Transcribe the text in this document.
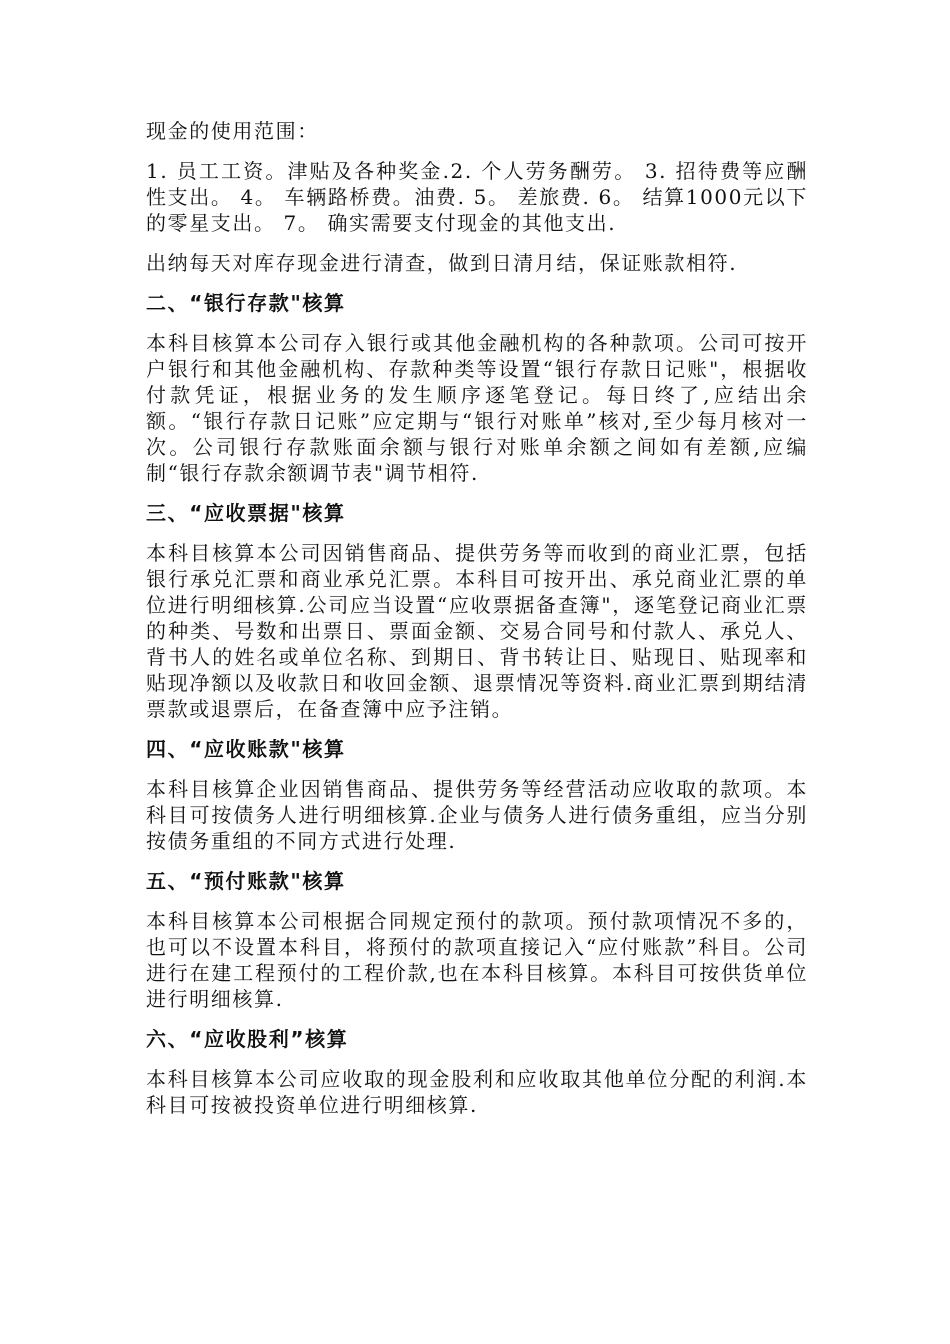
现金的使用范围：

1. 员工工资。津贴及各种奖金.2. 个人劳务酬劳。 3. 招待费等应酬性支出。 4。 车辆路桥费。油费. 5。 差旅费. 6。 结算1000元以下的零星支出。 7。 确实需要支付现金的其他支出.

出纳每天对库存现金进行清查，做到日清月结，保证账款相符.

二、“银行存款"核算

本科目核算本公司存入银行或其他金融机构的各种款项。公司可按开户银行和其他金融机构、存款种类等设置“银行存款日记账"，根据收付款凭证，根据业务的发生顺序逐笔登记。每日终了,应结出余额。“银行存款日记账”应定期与“银行对账单”核对,至少每月核对一次。公司银行存款账面余额与银行对账单余额之间如有差额,应编制“银行存款余额调节表"调节相符.

三、“应收票据"核算

本科目核算本公司因销售商品、提供劳务等而收到的商业汇票，包括银行承兑汇票和商业承兑汇票。本科目可按开出、承兑商业汇票的单位进行明细核算.公司应当设置“应收票据备查簿"，逐笔登记商业汇票的种类、号数和出票日、票面金额、交易合同号和付款人、承兑人、背书人的姓名或单位名称、到期日、背书转让日、贴现日、贴现率和贴现净额以及收款日和收回金额、退票情况等资料.商业汇票到期结清票款或退票后，在备查簿中应予注销。

四、“应收账款"核算

本科目核算企业因销售商品、提供劳务等经营活动应收取的款项。本科目可按债务人进行明细核算.企业与债务人进行债务重组，应当分别按债务重组的不同方式进行处理.

五、“预付账款"核算

本科目核算本公司根据合同规定预付的款项。预付款项情况不多的，也可以不设置本科目，将预付的款项直接记入“应付账款”科目。公司进行在建工程预付的工程价款,也在本科目核算。本科目可按供货单位进行明细核算.

六、“应收股利”核算

本科目核算本公司应收取的现金股利和应收取其他单位分配的利润.本科目可按被投资单位进行明细核算.
